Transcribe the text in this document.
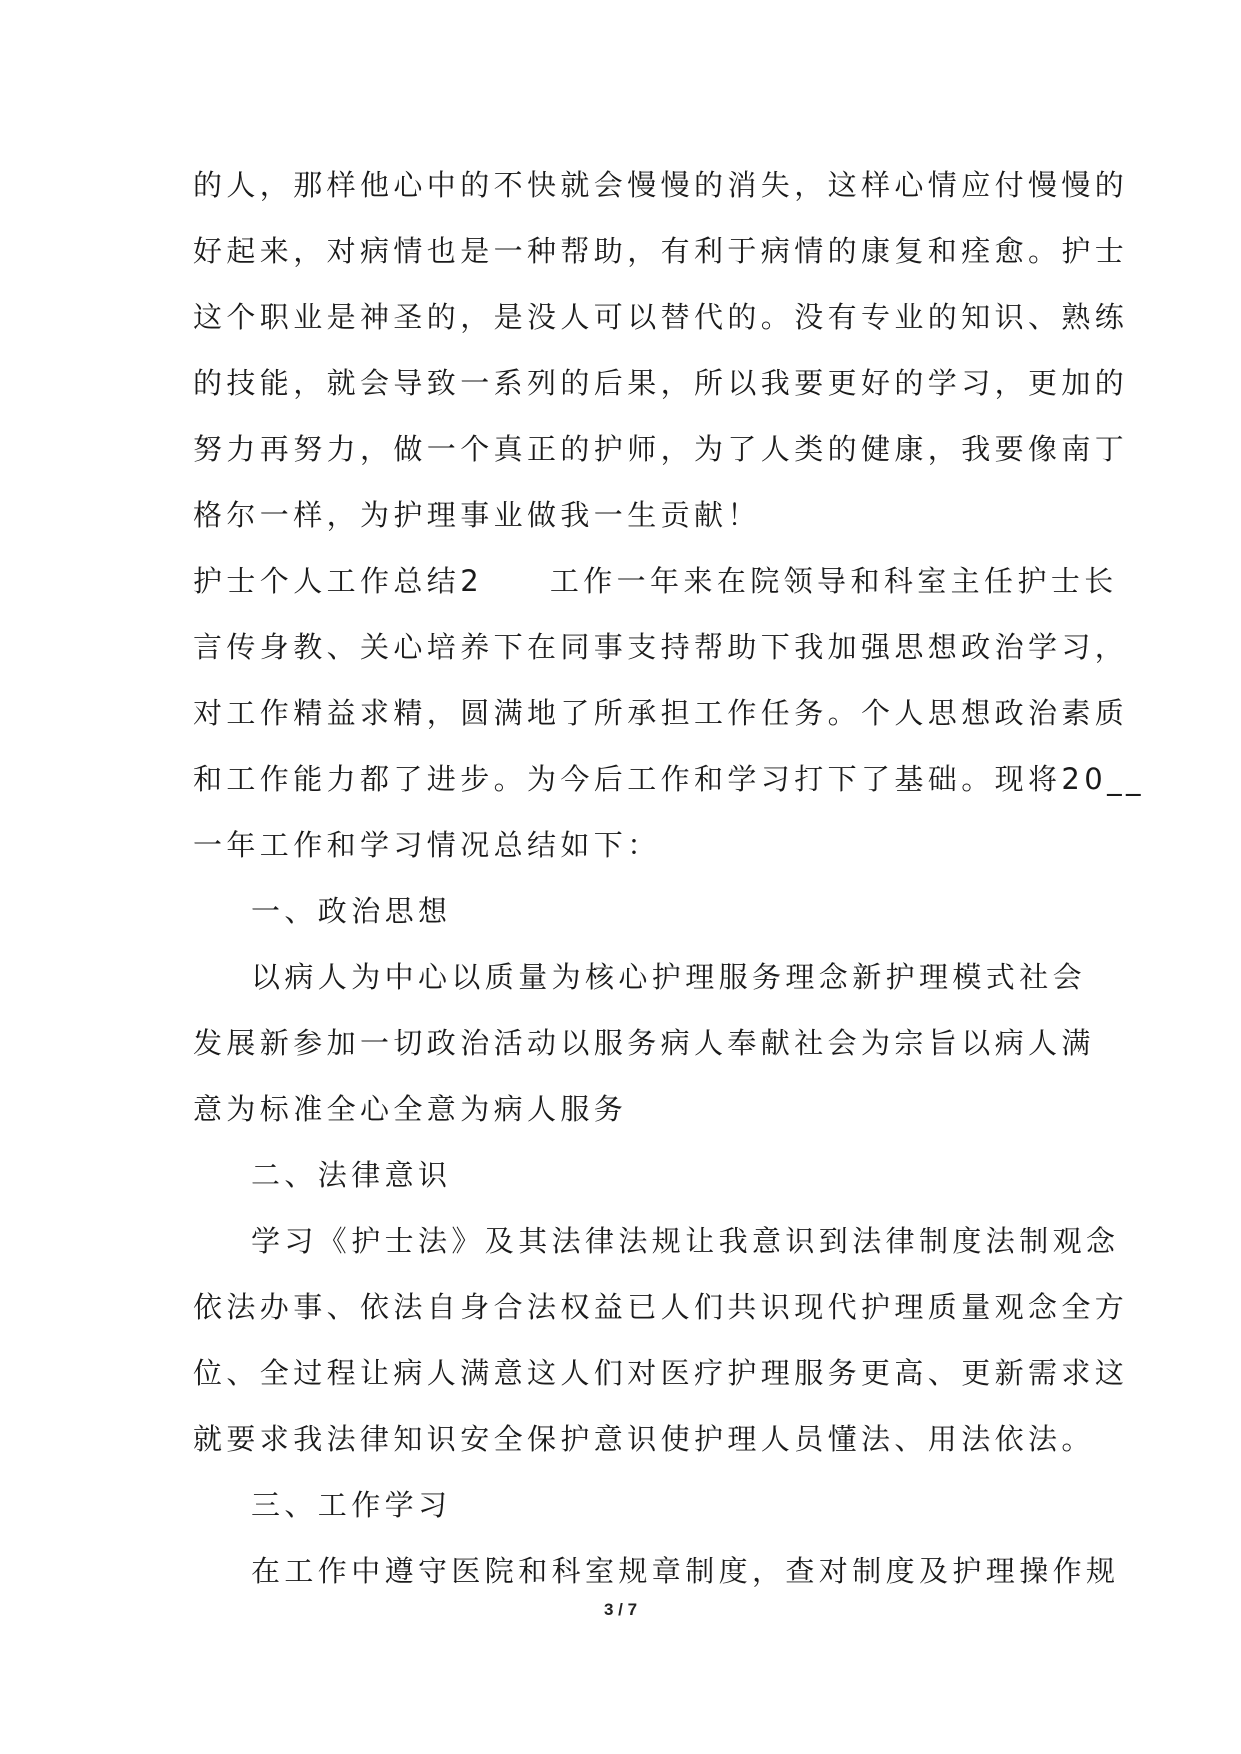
的人，那样他心中的不快就会慢慢的消失，这样心情应付慢慢的
好起来，对病情也是一种帮助，有利于病情的康复和痊愈。护士
这个职业是神圣的，是没人可以替代的。没有专业的知识、熟练
的技能，就会导致一系列的后果，所以我要更好的学习，更加的
努力再努力，做一个真正的护师，为了人类的健康，我要像南丁
格尔一样，为护理事业做我一生贡献！
护士个人工作总结2　　工作一年来在院领导和科室主任护士长
言传身教、关心培养下在同事支持帮助下我加强思想政治学习，
对工作精益求精，圆满地了所承担工作任务。个人思想政治素质
和工作能力都了进步。为今后工作和学习打下了基础。现将20__
一年工作和学习情况总结如下：
一、政治思想
以病人为中心以质量为核心护理服务理念新护理模式社会
发展新参加一切政治活动以服务病人奉献社会为宗旨以病人满
意为标准全心全意为病人服务
二、法律意识
学习《护士法》及其法律法规让我意识到法律制度法制观念
依法办事、依法自身合法权益已人们共识现代护理质量观念全方
位、全过程让病人满意这人们对医疗护理服务更高、更新需求这
就要求我法律知识安全保护意识使护理人员懂法、用法依法。
三、工作学习
在工作中遵守医院和科室规章制度，查对制度及护理操作规
3 / 7
